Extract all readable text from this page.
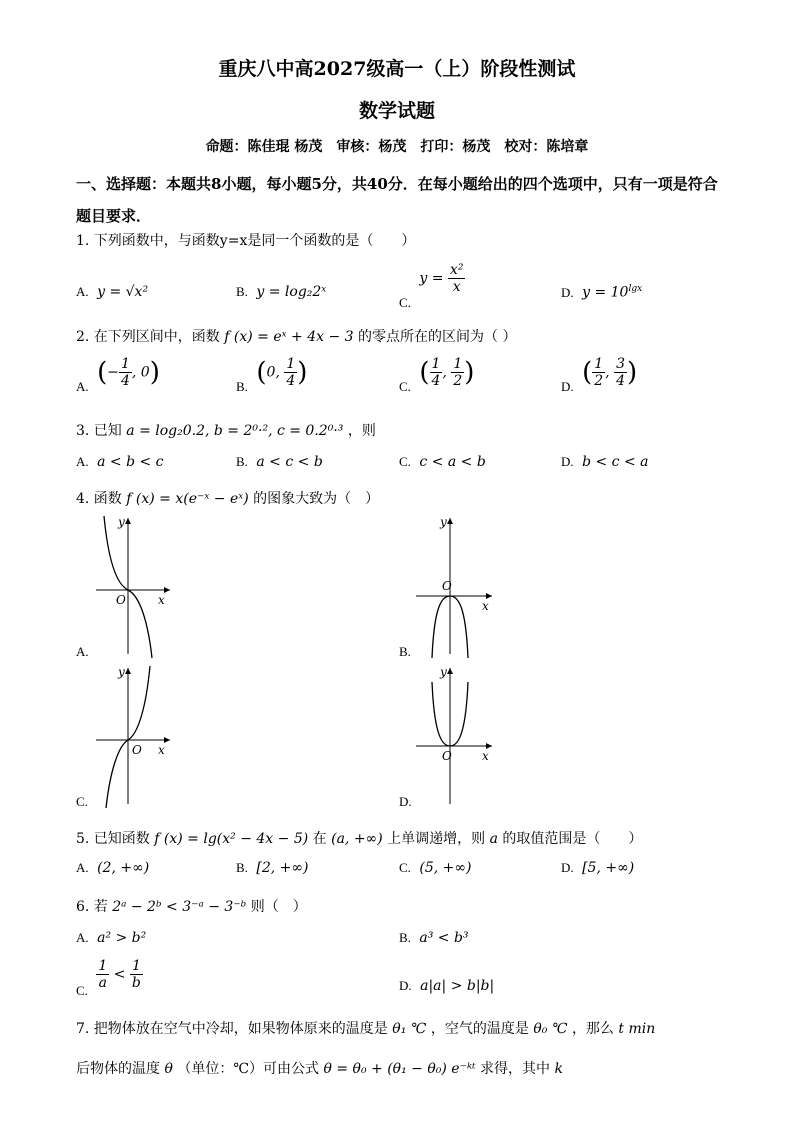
重庆八中高2027级高一（上）阶段性测试
数学试题
命题：陈佳琨 杨茂　审核：杨茂　打印：杨茂　校对：陈培章
一、选择题：本题共8小题，每小题5分，共40分．在每小题给出的四个选项中，只有一项是符合题目要求．
1. 下列函数中，与函数y=x是同一个函数的是（　　）
A. y = √x²	B. y = log₂2ˣ
C. $y = \frac{\text{x²}}{x}$	D. $y = 10^{lgx}$
2. 在下列区间中，函数 f (x) = eˣ + 4x − 3 的零点所在的区间为（ ）
A. (− $\frac{1}{4}$ , 0)	B. (0, $\frac{1}{4}$ )	C. ( $\frac{1}{4}$ , $\frac{1}{2}$ )	D. ( $\frac{1}{2}$ , $\frac{3}{4}$ )
3. 已知 a = log₂0.2, b = 2⁰·², c = 0.2⁰·³ ，则
A. a < b < c	B. a < c < b	C. c < a < b	D. b < c < a
4. 函数 f (x) = x(e⁻ˣ − eˣ) 的图象大致为（　）
y
x
O
A.
y
x
O
B.
y
x
O
C.
y
x
O
D.
5. 已知函数 f (x) = lg(x² − 4x − 5) 在 (a, +∞) 上单调递增，则 a 的取值范围是（　　）
A. (2, +∞)	B. [2, +∞)	C. (5, +∞)	D. [5, +∞)
6. 若 2ᵃ − 2ᵇ < 3⁻ᵃ − 3⁻ᵇ 则（　）
A. a² > b²	B. a³ < b³
C. $\frac{1}{a} < \frac{1}{b}$	D. a|a| > b|b|
7. 把物体放在空气中冷却，如果物体原来的温度是 θ₁ ℃ ，空气的温度是 θ₀ ℃ ，那么 t min
后物体的温度 θ （单位：℃）可由公式 θ = θ₀ + (θ₁ − θ₀) e⁻ᵏᵗ 求得，其中 k
